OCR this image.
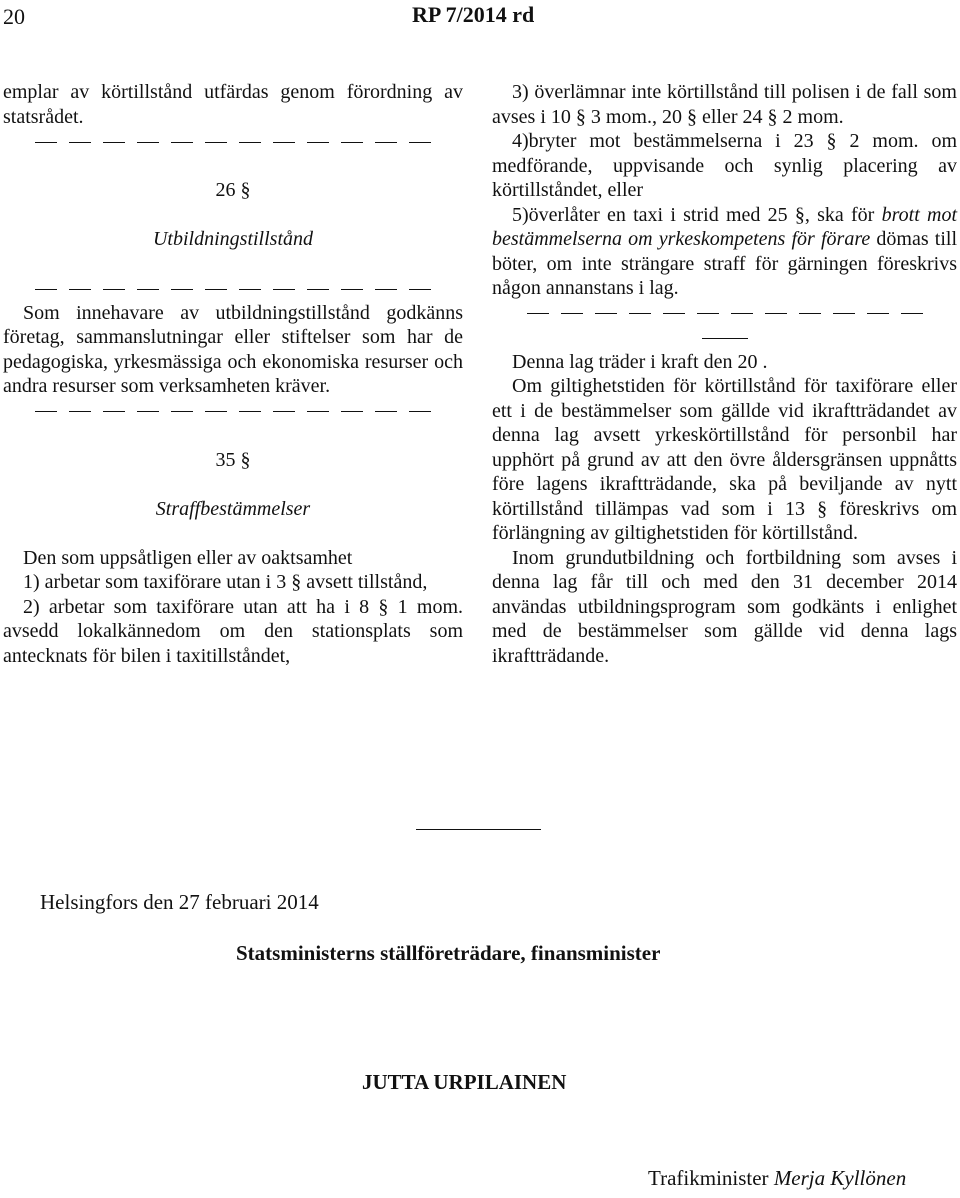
20	RP 7/2014 rd

emplar av körtillstånd utfärdas genom förordning av statsrådet.

26 §

Utbildningstillstånd

Som innehavare av utbildningstillstånd godkänns företag, sammanslutningar eller stiftelser som har de pedagogiska, yrkesmässiga och ekonomiska resurser och andra resurser som verksamheten kräver.

35 §

Straffbestämmelser

Den som uppsåtligen eller av oaktsamhet

1) arbetar som taxiförare utan i 3 § avsett tillstånd,

2) arbetar som taxiförare utan att ha i 8 § 1 mom. avsedd lokalkännedom om den stationsplats som antecknats för bilen i taxitillståndet,

3) överlämnar inte körtillstånd till polisen i de fall som avses i 10 § 3 mom., 20 § eller 24 § 2 mom.

4)bryter mot bestämmelserna i 23 § 2 mom. om medförande, uppvisande och synlig placering av körtillståndet, eller

5)överlåter en taxi i strid med 25 §, ska för brott mot bestämmelserna om yrkeskompetens för förare dömas till böter, om inte strängare straff för gärningen föreskrivs någon annanstans i lag.

Denna lag träder i kraft den 20 .

Om giltighetstiden för körtillstånd för taxiförare eller ett i de bestämmelser som gällde vid ikraftträdandet av denna lag avsett yrkeskörtillstånd för personbil har upphört på grund av att den övre åldersgränsen uppnåtts före lagens ikraftträdande, ska på beviljande av nytt körtillstånd tillämpas vad som i 13 § föreskrivs om förlängning av giltighetstiden för körtillstånd.

Inom grundutbildning och fortbildning som avses i denna lag får till och med den 31 december 2014 användas utbildningsprogram som godkänts i enlighet med de bestämmelser som gällde vid denna lags ikraftträdande.

Helsingfors den 27 februari 2014
Statsministerns ställföreträdare, finansminister
JUTTA URPILAINEN
Trafikminister Merja Kyllönen
